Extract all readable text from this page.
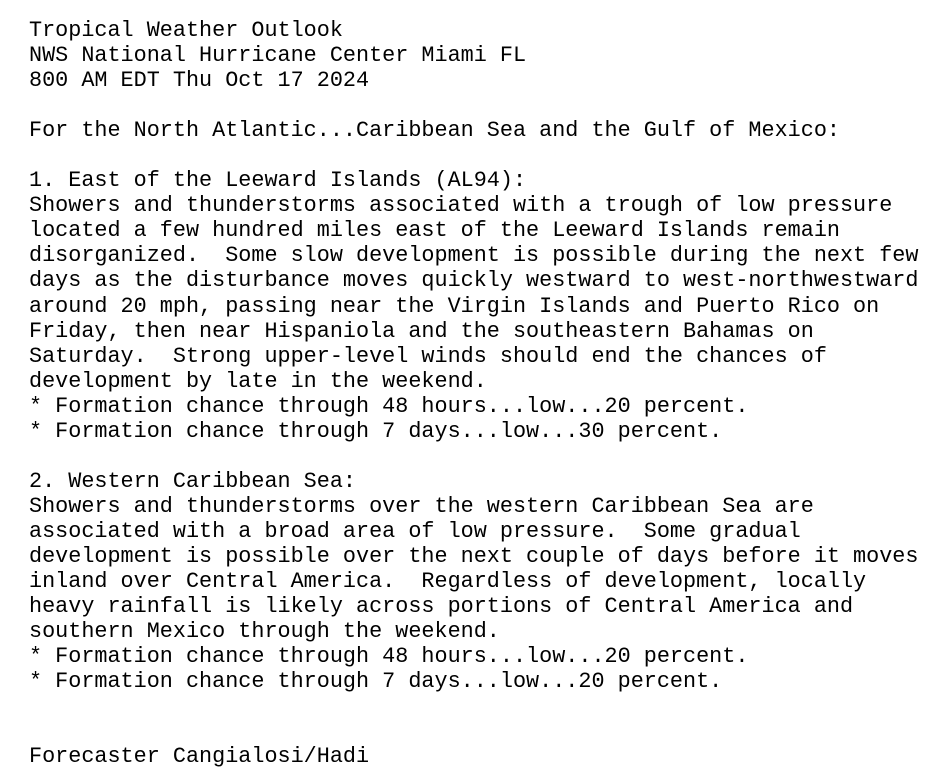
Tropical Weather Outlook
NWS National Hurricane Center Miami FL
800 AM EDT Thu Oct 17 2024
For the North Atlantic...Caribbean Sea and the Gulf of Mexico:
1. East of the Leeward Islands (AL94):
Showers and thunderstorms associated with a trough of low pressure
located a few hundred miles east of the Leeward Islands remain
disorganized.  Some slow development is possible during the next few
days as the disturbance moves quickly westward to west-northwestward
around 20 mph, passing near the Virgin Islands and Puerto Rico on
Friday, then near Hispaniola and the southeastern Bahamas on
Saturday.  Strong upper-level winds should end the chances of
development by late in the weekend.
* Formation chance through 48 hours...low...20 percent.
* Formation chance through 7 days...low...30 percent.
2. Western Caribbean Sea:
Showers and thunderstorms over the western Caribbean Sea are
associated with a broad area of low pressure.  Some gradual
development is possible over the next couple of days before it moves
inland over Central America.  Regardless of development, locally
heavy rainfall is likely across portions of Central America and
southern Mexico through the weekend.
* Formation chance through 48 hours...low...20 percent.
* Formation chance through 7 days...low...20 percent.
Forecaster Cangialosi/Hadi
